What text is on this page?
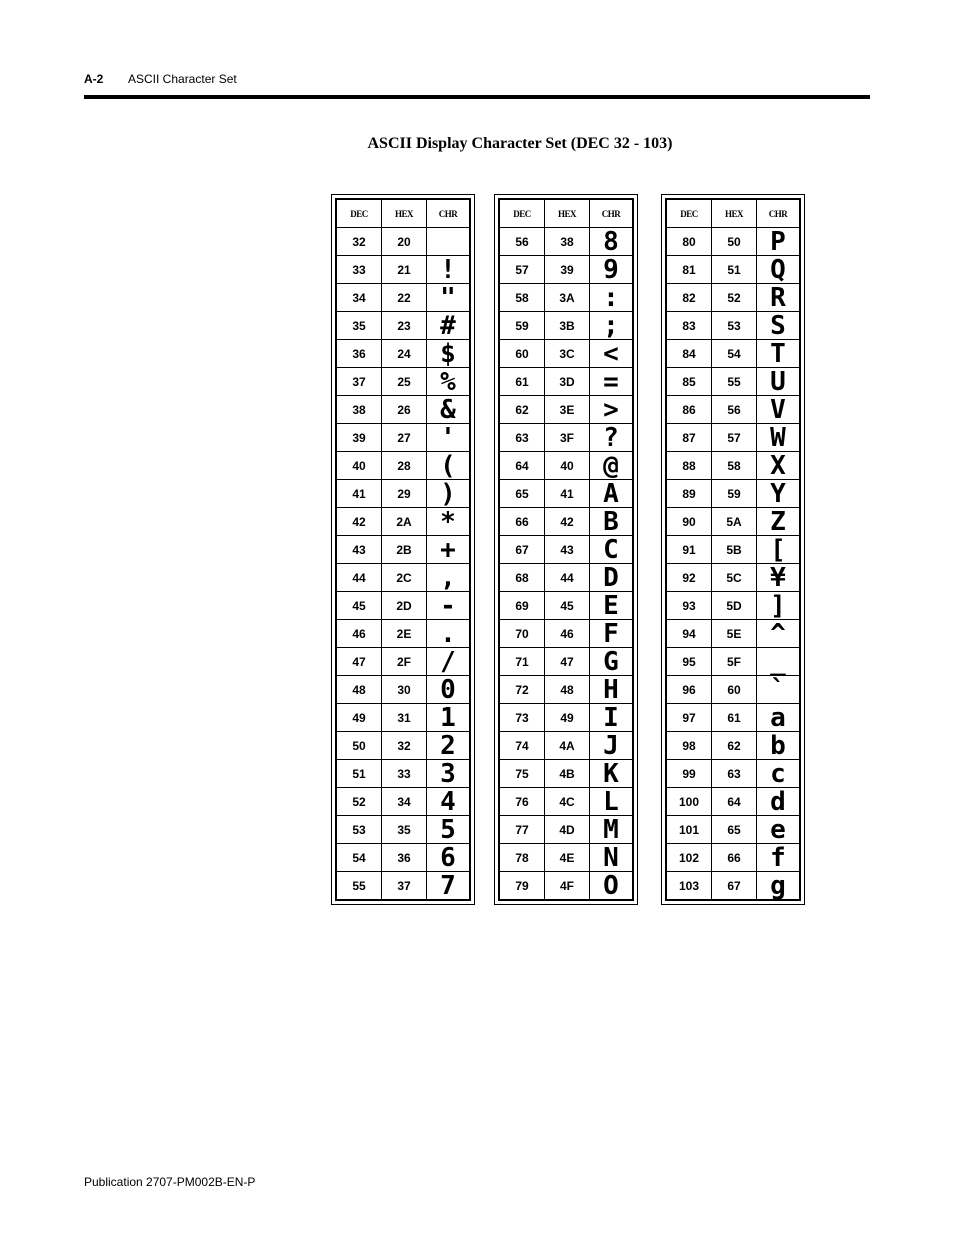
A-2	ASCII Character Set
ASCII Display Character Set (DEC 32 - 103)
DEC	HEX	CHR
32	20	
33	21	!
34	22	"
35	23	#
36	24	$
37	25	%
38	26	&
39	27	'
40	28	(
41	29	)
42	2A	*
43	2B	+
44	2C	,
45	2D	-
46	2E	.
47	2F	/
48	30	0
49	31	1
50	32	2
51	33	3
52	34	4
53	35	5
54	36	6
55	37	7
DEC	HEX	CHR
56	38	8
57	39	9
58	3A	:
59	3B	;
60	3C	<
61	3D	=
62	3E	>
63	3F	?
64	40	@
65	41	A
66	42	B
67	43	C
68	44	D
69	45	E
70	46	F
71	47	G
72	48	H
73	49	I
74	4A	J
75	4B	K
76	4C	L
77	4D	M
78	4E	N
79	4F	O
DEC	HEX	CHR
80	50	P
81	51	Q
82	52	R
83	53	S
84	54	T
85	55	U
86	56	V
87	57	W
88	58	X
89	59	Y
90	5A	Z
91	5B	[
92	5C	¥
93	5D	]
94	5E	^
95	5F	_
96	60	`
97	61	a
98	62	b
99	63	c
100	64	d
101	65	e
102	66	f
103	67	g
Publication 2707-PM002B-EN-P
